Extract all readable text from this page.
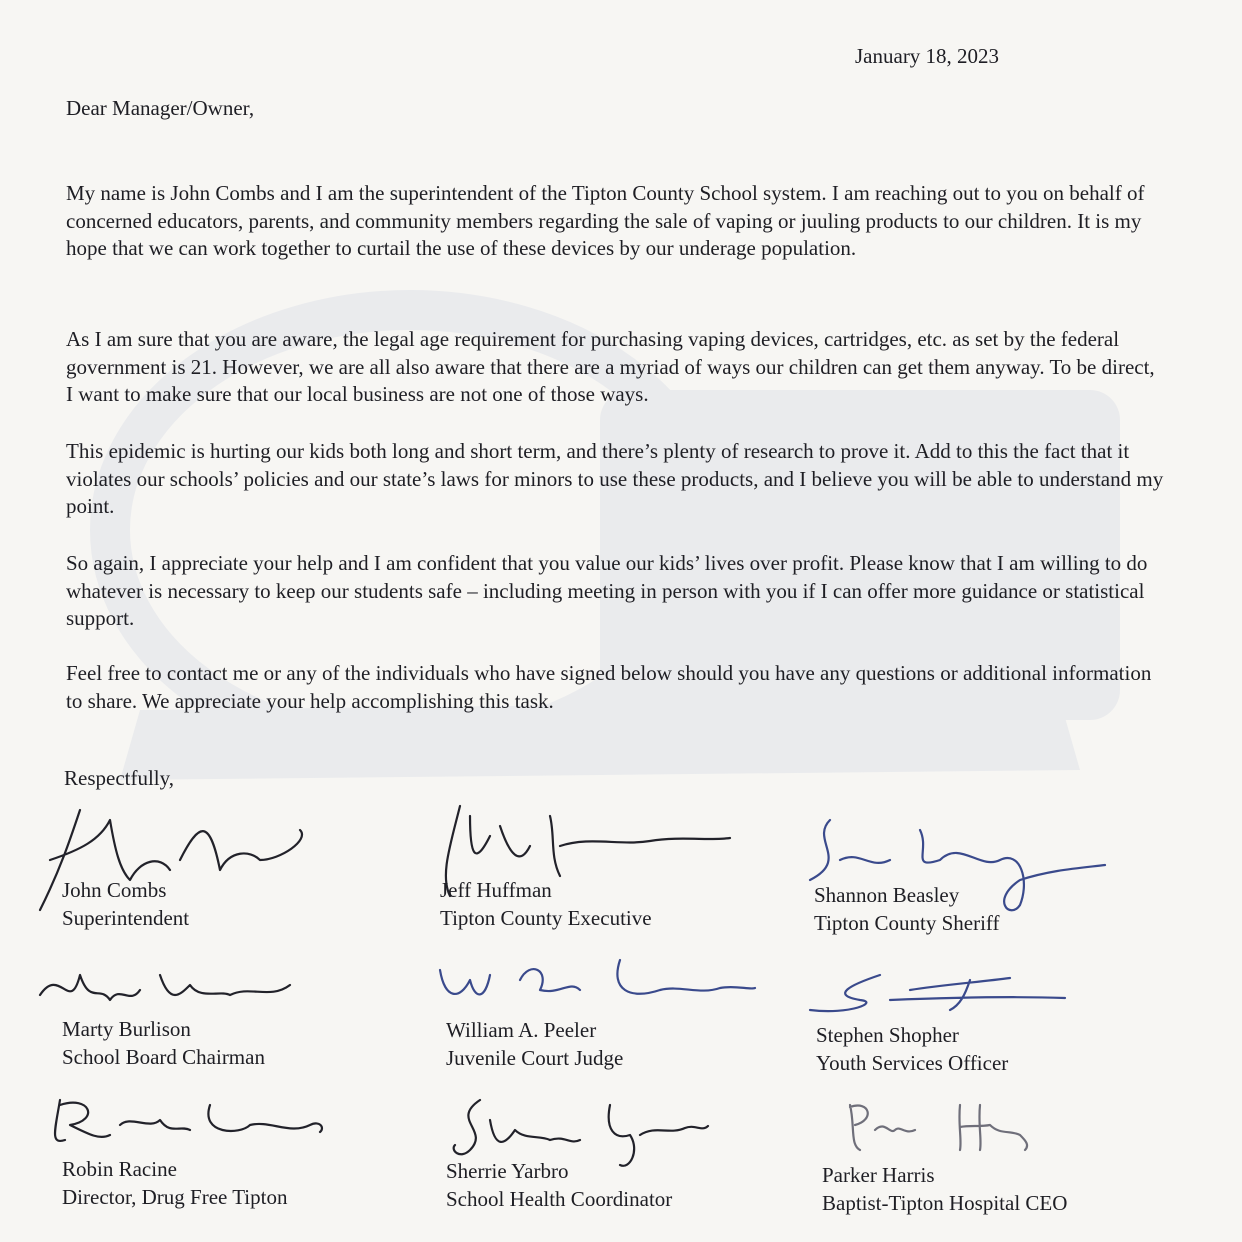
January 18, 2023
Dear Manager/Owner,
My name is John Combs and I am the superintendent of the Tipton County School system. I am reaching out to you on behalf of concerned educators, parents, and community members regarding the sale of vaping or juuling products to our children. It is my hope that we can work together to curtail the use of these devices by our underage population.
As I am sure that you are aware, the legal age requirement for purchasing vaping devices, cartridges, etc. as set by the federal government is 21. However, we are all also aware that there are a myriad of ways our children can get them anyway. To be direct, I want to make sure that our local business are not one of those ways.
This epidemic is hurting our kids both long and short term, and there’s plenty of research to prove it. Add to this the fact that it violates our schools’ policies and our state’s laws for minors to use these products, and I believe you will be able to understand my point.
So again, I appreciate your help and I am confident that you value our kids’ lives over profit. Please know that I am willing to do whatever is necessary to keep our students safe – including meeting in person with you if I can offer more guidance or statistical support.
Feel free to contact me or any of the individuals who have signed below should you have any questions or additional information to share. We appreciate your help accomplishing this task.
Respectfully,
John Combs
Superintendent
Jeff Huffman
Tipton County Executive
Shannon Beasley
Tipton County Sheriff
Marty Burlison
School Board Chairman
William A. Peeler
Juvenile Court Judge
Stephen Shopher
Youth Services Officer
Robin Racine
Director, Drug Free Tipton
Sherrie Yarbro
School Health Coordinator
Parker Harris
Baptist-Tipton Hospital CEO
